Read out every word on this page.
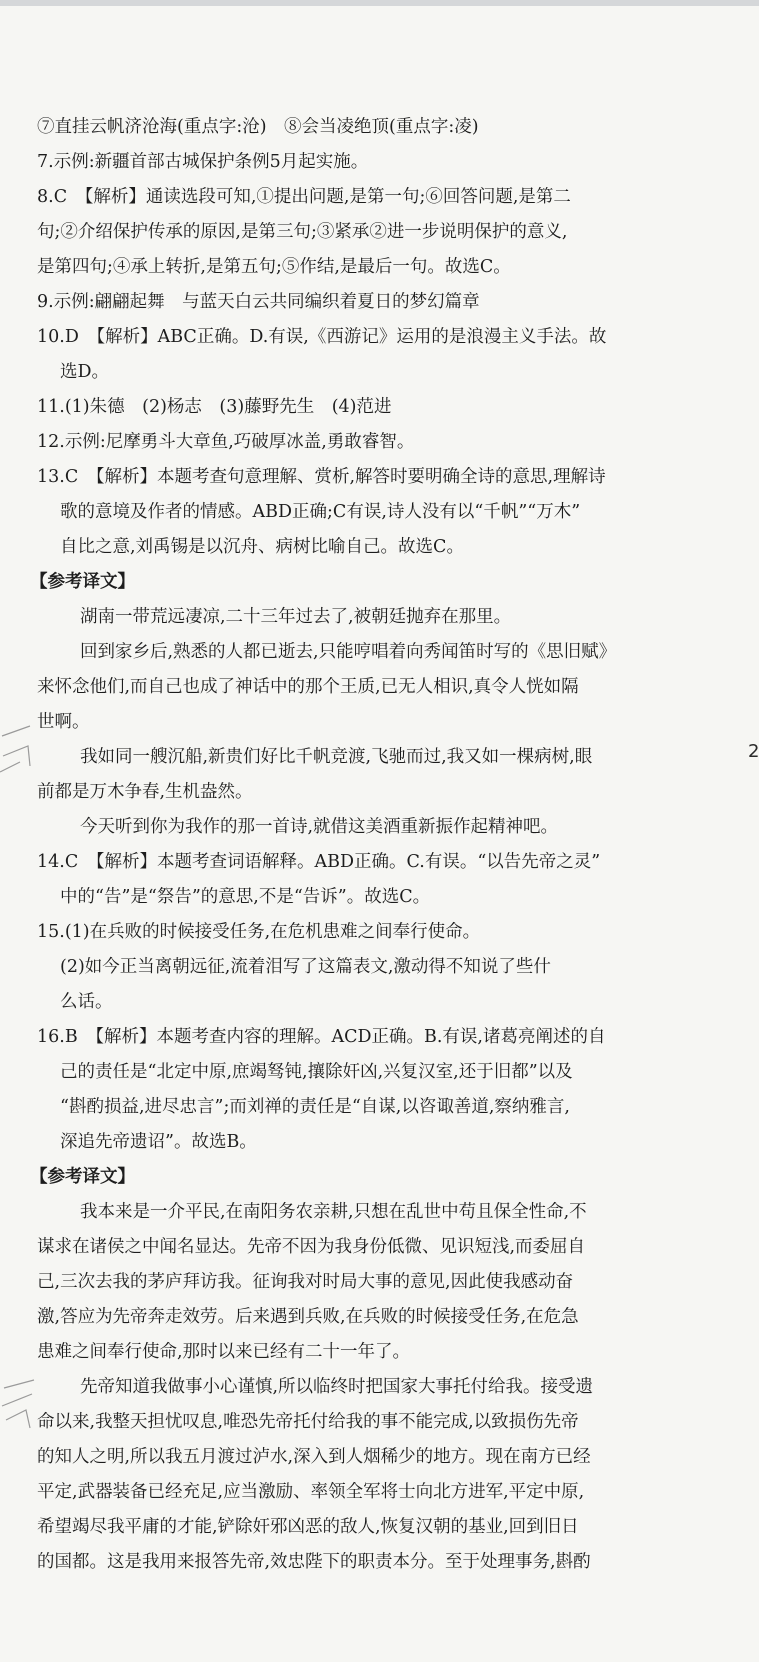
⑦直挂云帆济沧海(重点字:沧)　⑧会当凌绝顶(重点字:凌)
7.示例:新疆首部古城保护条例5月起实施。
8.C　【解析】通读选段可知,①提出问题,是第一句;⑥回答问题,是第二
句;②介绍保护传承的原因,是第三句;③紧承②进一步说明保护的意义,
是第四句;④承上转折,是第五句;⑤作结,是最后一句。故选C。
9.示例:翩翩起舞　与蓝天白云共同编织着夏日的梦幻篇章
10.D　【解析】ABC正确。D.有误,《西游记》运用的是浪漫主义手法。故
选D。
11.(1)朱德　(2)杨志　(3)藤野先生　(4)范进
12.示例:尼摩勇斗大章鱼,巧破厚冰盖,勇敢睿智。
13.C　【解析】本题考查句意理解、赏析,解答时要明确全诗的意思,理解诗
歌的意境及作者的情感。ABD正确;C有误,诗人没有以“千帆”“万木”
自比之意,刘禹锡是以沉舟、病树比喻自己。故选C。
【参考译文】
湖南一带荒远凄凉,二十三年过去了,被朝廷抛弃在那里。
回到家乡后,熟悉的人都已逝去,只能哼唱着向秀闻笛时写的《思旧赋》
来怀念他们,而自己也成了神话中的那个王质,已无人相识,真令人恍如隔
世啊。
我如同一艘沉船,新贵们好比千帆竞渡,飞驰而过,我又如一棵病树,眼
前都是万木争春,生机盎然。
今天听到你为我作的那一首诗,就借这美酒重新振作起精神吧。
14.C　【解析】本题考查词语解释。ABD正确。C.有误。“以告先帝之灵”
中的“告”是“祭告”的意思,不是“告诉”。故选C。
15.(1)在兵败的时候接受任务,在危机患难之间奉行使命。
(2)如今正当离朝远征,流着泪写了这篇表文,激动得不知说了些什
么话。
16.B　【解析】本题考查内容的理解。ACD正确。B.有误,诸葛亮阐述的自
己的责任是“北定中原,庶竭驽钝,攘除奸凶,兴复汉室,还于旧都”以及
“斟酌损益,进尽忠言”;而刘禅的责任是“自谋,以咨诹善道,察纳雅言,
深追先帝遗诏”。故选B。
【参考译文】
我本来是一介平民,在南阳务农亲耕,只想在乱世中苟且保全性命,不
谋求在诸侯之中闻名显达。先帝不因为我身份低微、见识短浅,而委屈自
己,三次去我的茅庐拜访我。征询我对时局大事的意见,因此使我感动奋
激,答应为先帝奔走效劳。后来遇到兵败,在兵败的时候接受任务,在危急
患难之间奉行使命,那时以来已经有二十一年了。
先帝知道我做事小心谨慎,所以临终时把国家大事托付给我。接受遗
命以来,我整天担忧叹息,唯恐先帝托付给我的事不能完成,以致损伤先帝
的知人之明,所以我五月渡过泸水,深入到人烟稀少的地方。现在南方已经
平定,武器装备已经充足,应当激励、率领全军将士向北方进军,平定中原,
希望竭尽我平庸的才能,铲除奸邪凶恶的敌人,恢复汉朝的基业,回到旧日
的国都。这是我用来报答先帝,效忠陛下的职责本分。至于处理事务,斟酌
2
